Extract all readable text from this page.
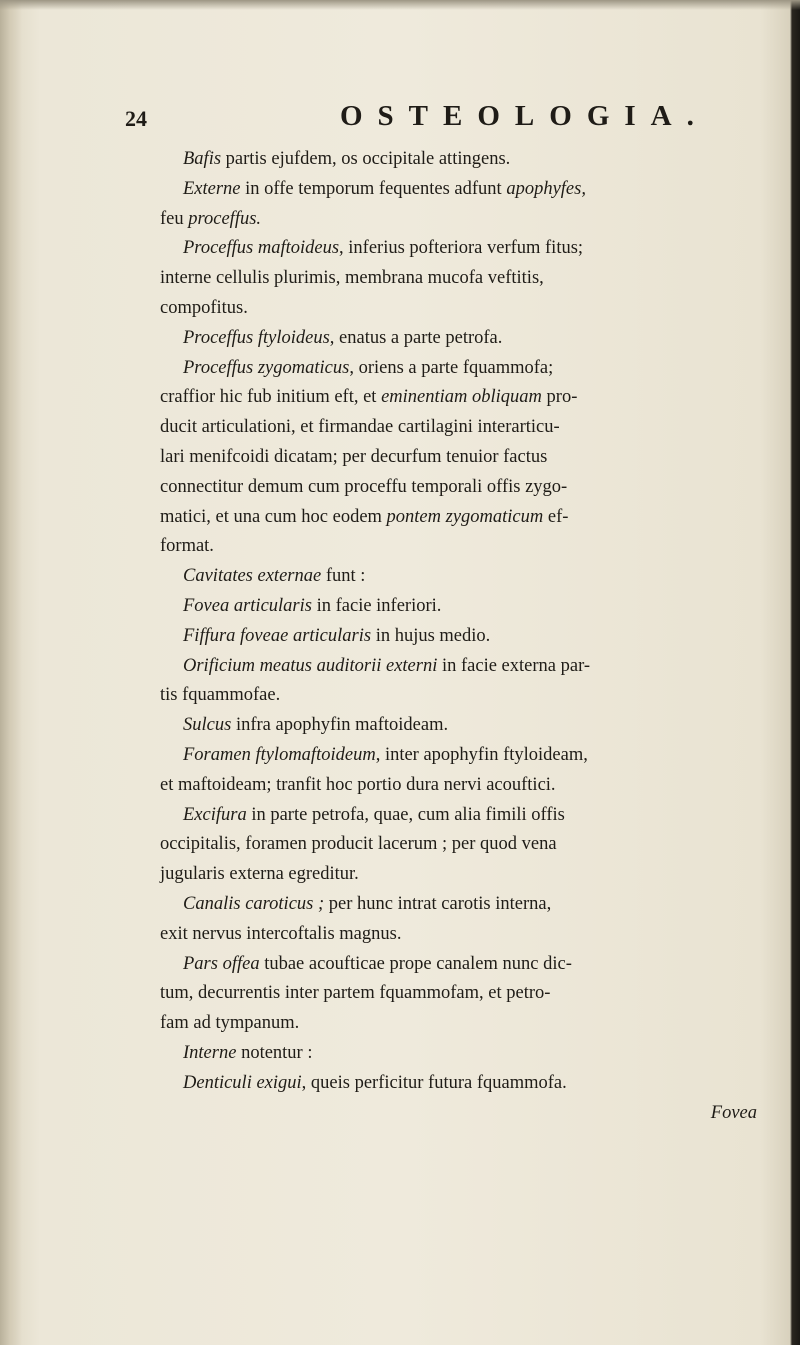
24	OSTEOLOGIA.
Bafis partis ejufdem, os occipitale attingens.
Externe in offe temporum fequentes adfunt apophyfes,
feu proceffus.
Proceffus maftoideus, inferius pofteriora verfum fitus;
interne cellulis plurimis, membrana mucofa veftitis,
compofitus.
Proceffus ftyloideus, enatus a parte petrofa.
Proceffus zygomaticus, oriens a parte fquammofa;
craffior hic fub initium eft, et eminentiam obliquam pro-
ducit articulationi, et firmandae cartilagini interarticu-
lari menifcoidi dicatam; per decurfum tenuior factus
connectitur demum cum proceffu temporali offis zygo-
matici, et una cum hoc eodem pontem zygomaticum ef-
format.
Cavitates externae funt :
Fovea articularis in facie inferiori.
Fiffura foveae articularis in hujus medio.
Orificium meatus auditorii externi in facie externa par-
tis fquammofae.
Sulcus infra apophyfin maftoideam.
Foramen ftylomaftoideum, inter apophyfin ftyloideam,
et maftoideam; tranfit hoc portio dura nervi acouftici.
Excifura in parte petrofa, quae, cum alia fimili offis
occipitalis, foramen producit lacerum ; per quod vena
jugularis externa egreditur.
Canalis caroticus ; per hunc intrat carotis interna,
exit nervus intercoftalis magnus.
Pars offea tubae acoufticae prope canalem nunc dic-
tum, decurrentis inter partem fquammofam, et petro-
fam ad tympanum.
Interne notentur :
Denticuli exigui, queis perficitur futura fquammofa.
Fovea
